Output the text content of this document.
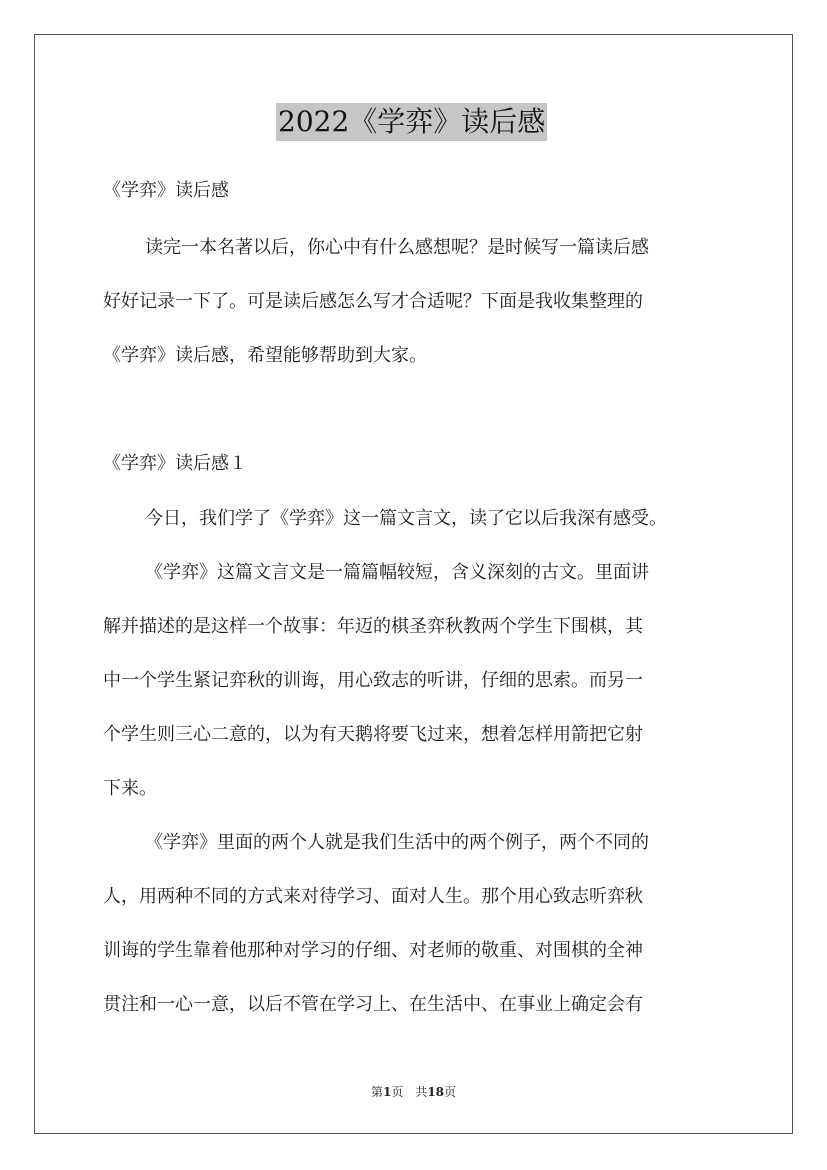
2022《学弈》读后感
《学弈》读后感
读完一本名著以后，你心中有什么感想呢？是时候写一篇读后感
好好记录一下了。可是读后感怎么写才合适呢？下面是我收集整理的
《学弈》读后感，希望能够帮助到大家。
《学弈》读后感１
今日，我们学了《学弈》这一篇文言文，读了它以后我深有感受。
《学弈》这篇文言文是一篇篇幅较短，含义深刻的古文。里面讲
解并描述的是这样一个故事：年迈的棋圣弈秋教两个学生下围棋，其
中一个学生紧记弈秋的训诲，用心致志的听讲，仔细的思索。而另一
个学生则三心二意的，以为有天鹅将要飞过来，想着怎样用箭把它射
下来。
《学弈》里面的两个人就是我们生活中的两个例子，两个不同的
人，用两种不同的方式来对待学习、面对人生。那个用心致志听弈秋
训诲的学生靠着他那种对学习的仔细、对老师的敬重、对围棋的全神
贯注和一心一意，以后不管在学习上、在生活中、在事业上确定会有
第1页　共18页
